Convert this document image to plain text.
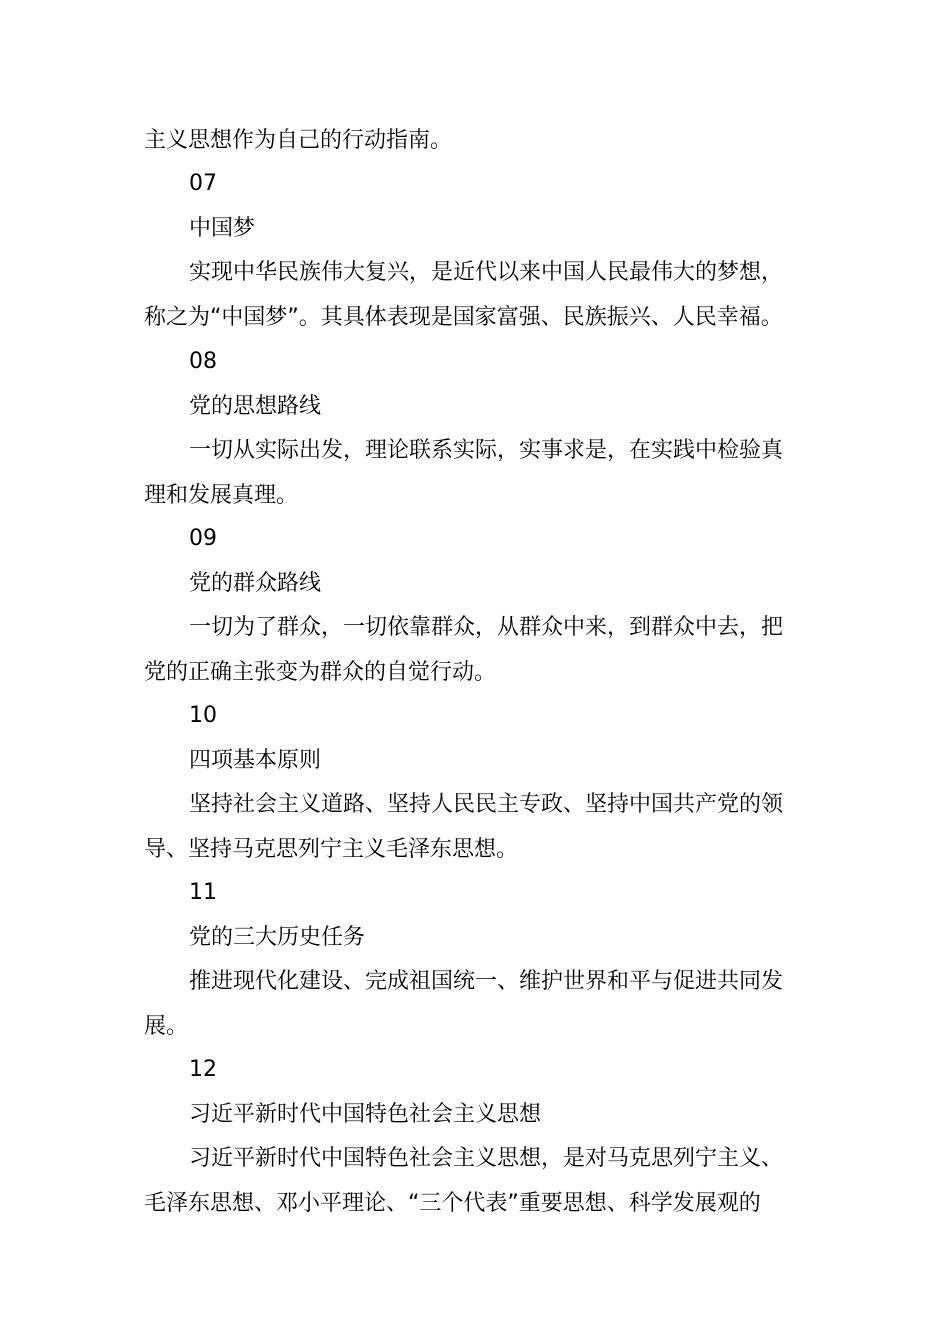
主义思想作为自己的行动指南。
07
中国梦
实现中华民族伟大复兴，是近代以来中国人民最伟大的梦想，
称之为“中国梦”。其具体表现是国家富强、民族振兴、人民幸福。
08
党的思想路线
一切从实际出发，理论联系实际，实事求是，在实践中检验真
理和发展真理。
09
党的群众路线
一切为了群众，一切依靠群众，从群众中来，到群众中去，把
党的正确主张变为群众的自觉行动。
10
四项基本原则
坚持社会主义道路、坚持人民民主专政、坚持中国共产党的领
导、坚持马克思列宁主义毛泽东思想。
11
党的三大历史任务
推进现代化建设、完成祖国统一、维护世界和平与促进共同发
展。
12
习近平新时代中国特色社会主义思想
习近平新时代中国特色社会主义思想，是对马克思列宁主义、
毛泽东思想、邓小平理论、“三个代表”重要思想、科学发展观的
